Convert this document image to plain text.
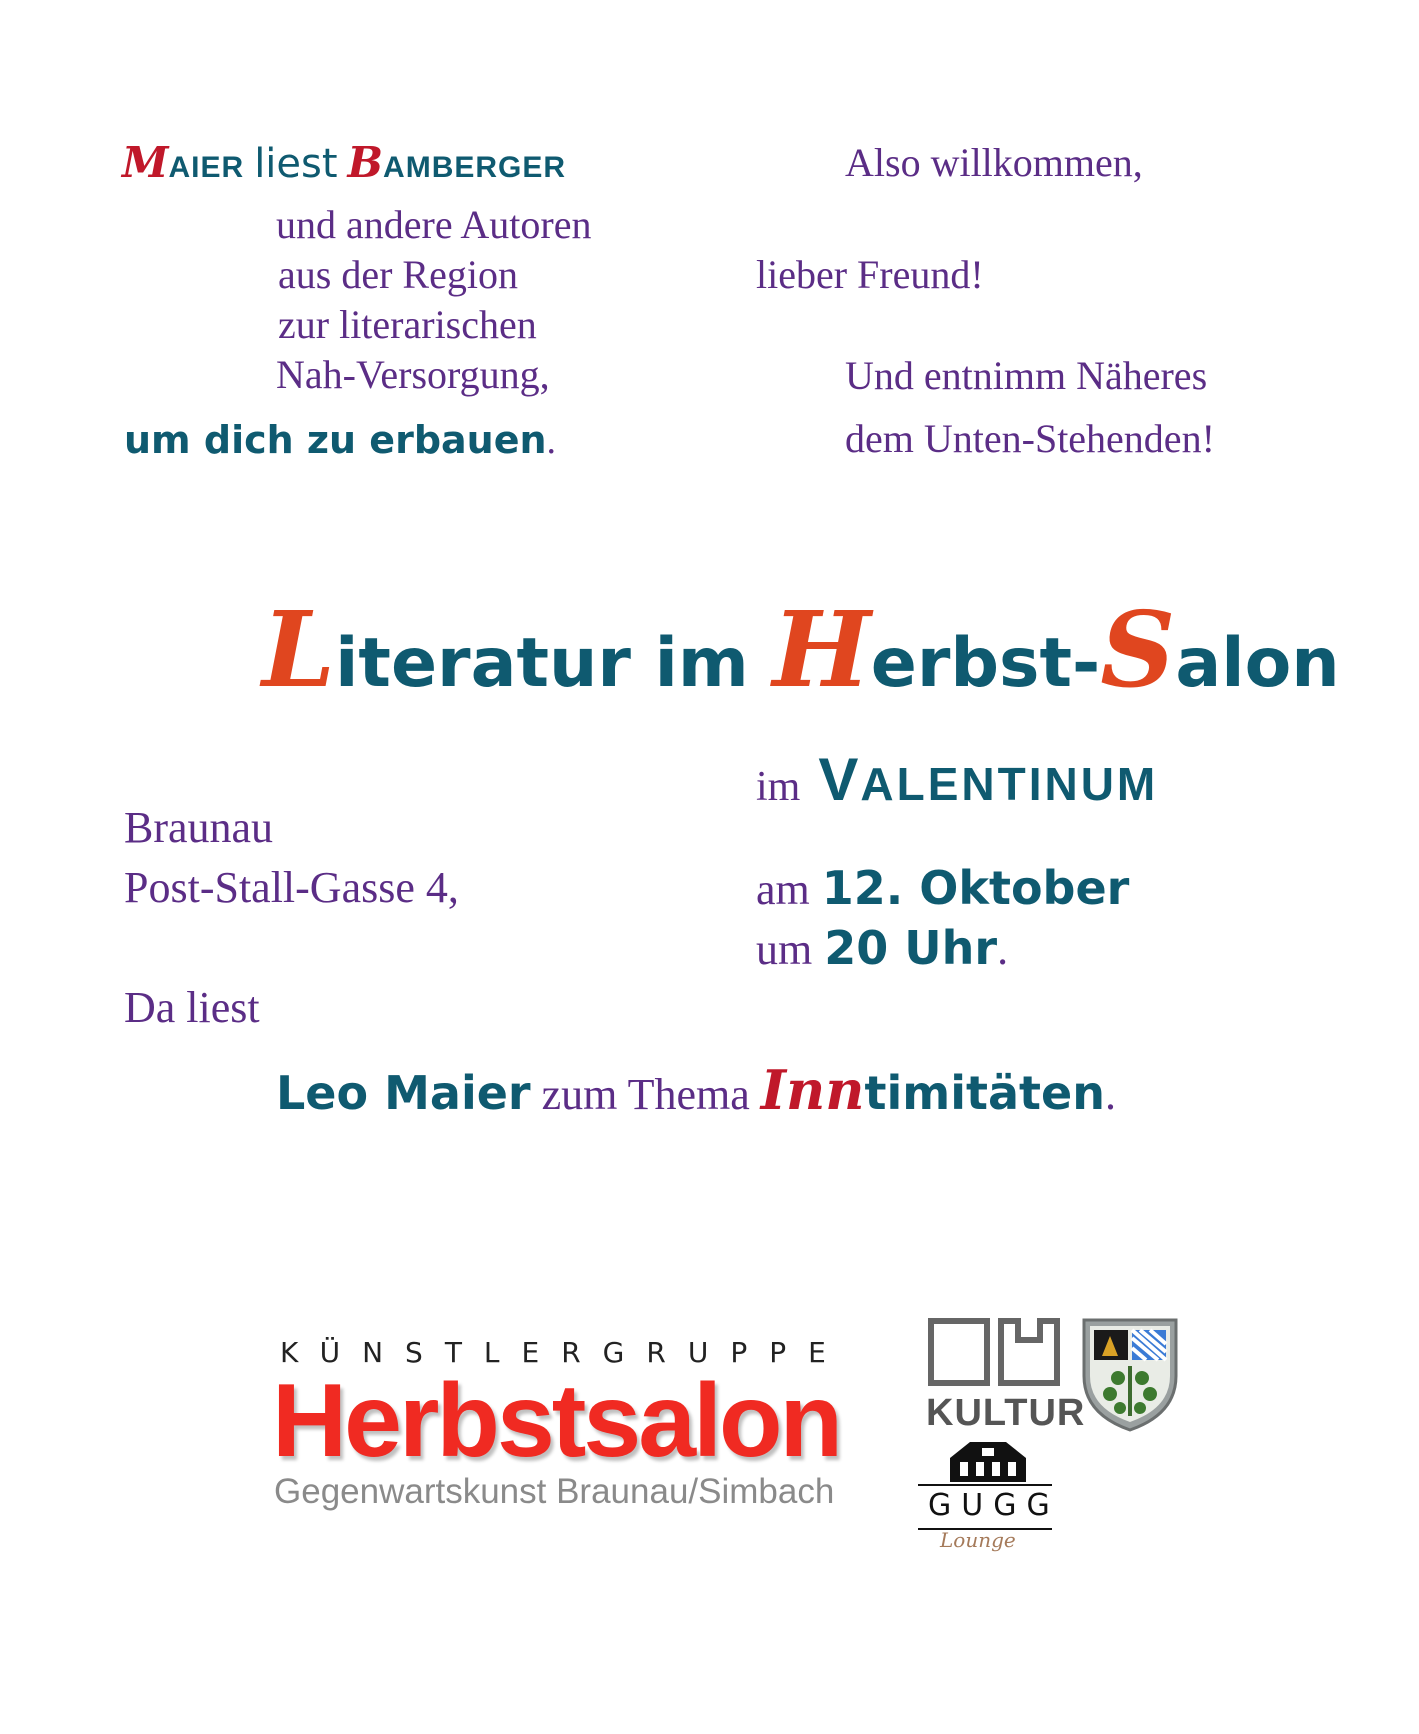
MAIER liest BAMBERGER
und andere Autoren
aus der Region
zur literarischen
Nah-Versorgung,
um dich zu erbauen.
Also willkommen,
lieber Freund!
Und entnimm Näheres
dem Unten-Stehenden!
Literatur im Herbst-Salon
im VALENTINUM
Braunau
Post-Stall-Gasse 4,	am 12. Oktober
um 20 Uhr.
Da liest
Leo Maier zum Thema Inntimitäten.
KÜNSTLERGRUPPE
Herbstsalon
Gegenwartskunst Braunau/Simbach
KULTUR
GUGG
Lounge
